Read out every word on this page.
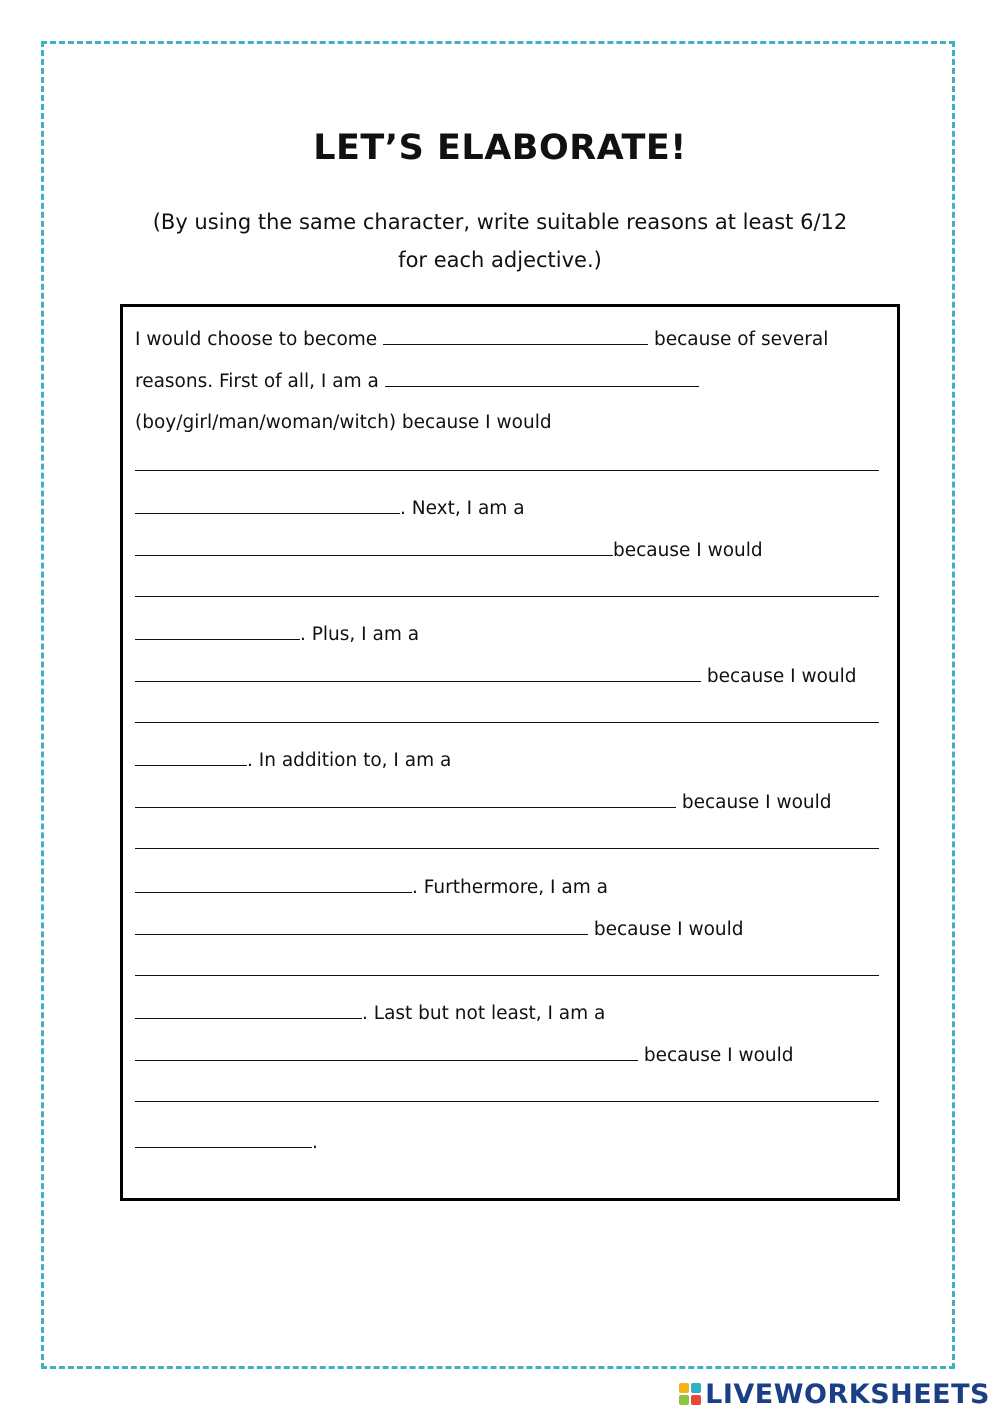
LET’S ELABORATE!
(By using the same character, write suitable reasons at least 6/12
for each adjective.)
I would choose to become	because of several
reasons. First of all, I am a
(boy/girl/man/woman/witch) because I would
. Next, I am a
because I would
. Plus, I am a
because I would
. In addition to, I am a
because I would
. Furthermore, I am a
because I would
. Last but not least, I am a
because I would
.
LIVEWORKSHEETS
